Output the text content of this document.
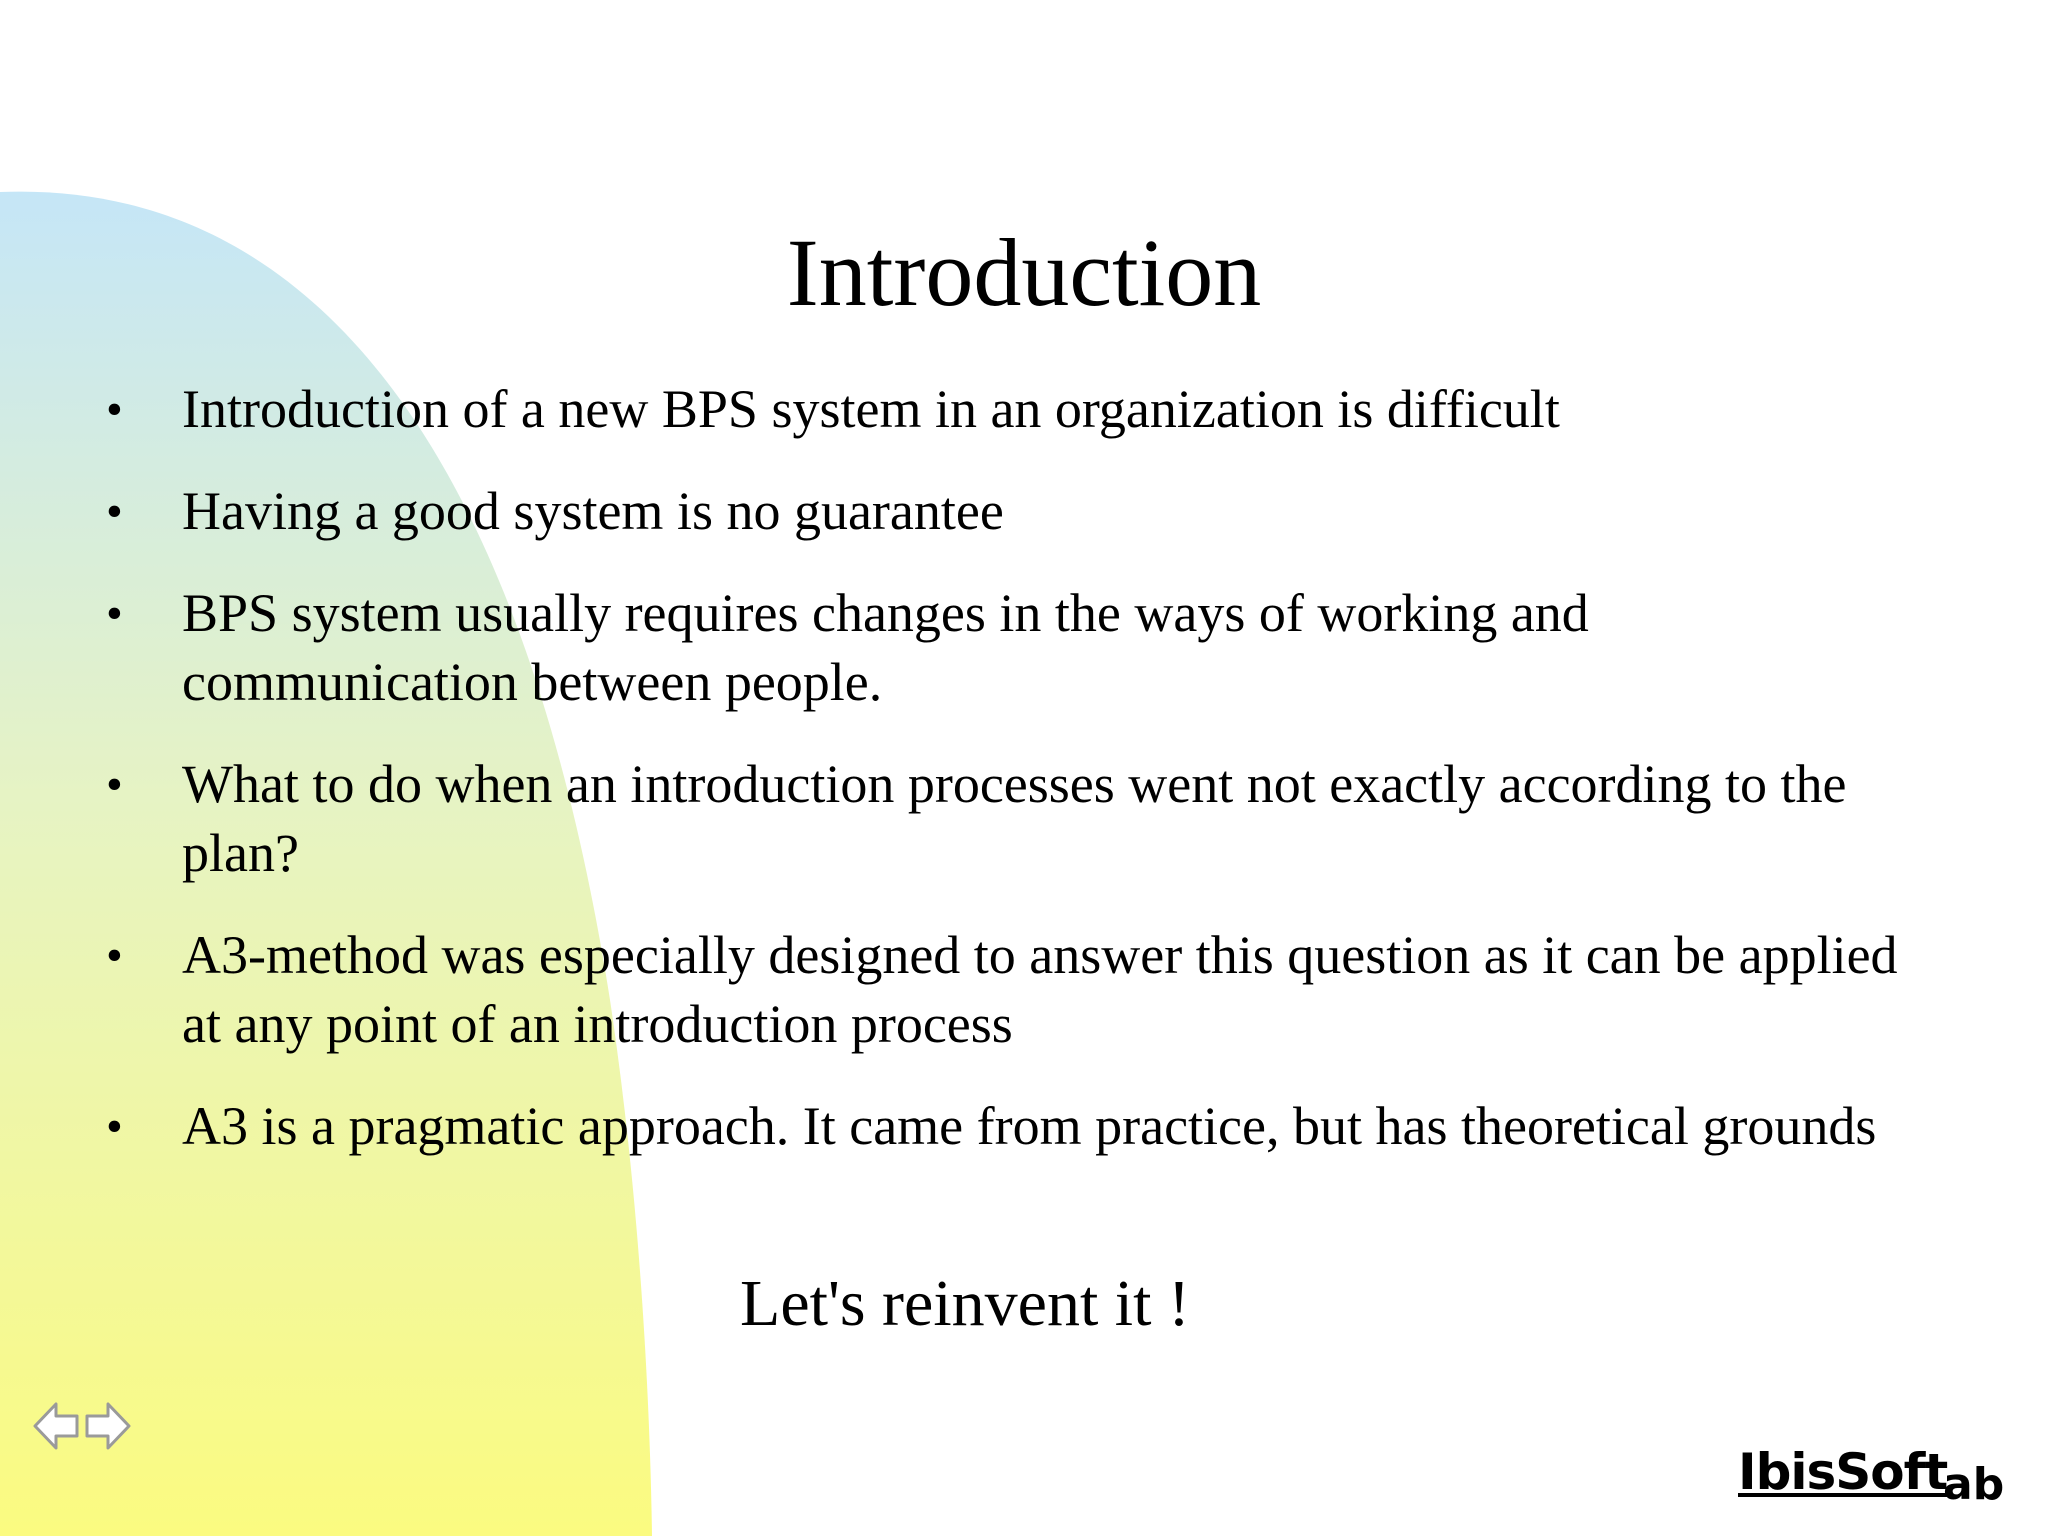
Introduction
• Introduction of a new BPS system in an organization is difficult
• Having a good system is no guarantee
• BPS system usually requires changes in the ways of working and communication between people.
• What to do when an introduction processes went not exactly according to the plan?
• A3-method was especially designed to answer this question as it can be applied at any point of an introduction process
• A3 is a pragmatic approach. It came from practice, but has theoretical grounds
Let's reinvent it !
IbisSoft
ab
